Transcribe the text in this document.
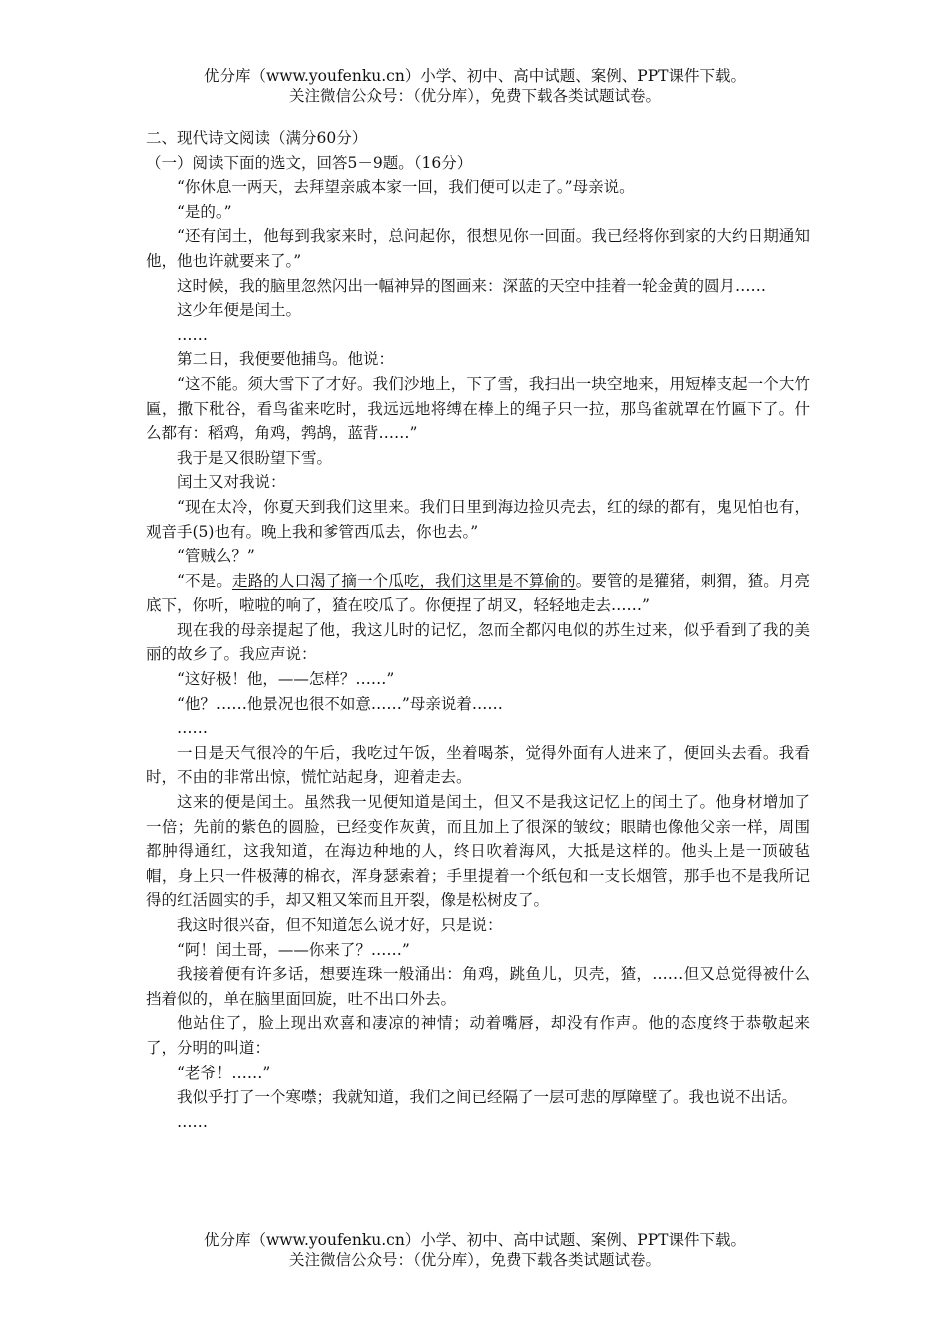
优分库（www.youfenku.cn）小学、初中、高中试题、案例、PPT课件下载。
关注微信公众号：（优分库），免费下载各类试题试卷。

二、现代诗文阅读（满分60分）

（一）阅读下面的选文，回答5－9题。（16分）

“你休息一两天，去拜望亲戚本家一回，我们便可以走了。”母亲说。

“是的。”

“还有闰土，他每到我家来时，总问起你，很想见你一回面。我已经将你到家的大约日期通知他，他也许就要来了。”

这时候，我的脑里忽然闪出一幅神异的图画来：深蓝的天空中挂着一轮金黄的圆月……

这少年便是闰土。

……

第二日，我便要他捕鸟。他说：

“这不能。须大雪下了才好。我们沙地上，下了雪，我扫出一块空地来，用短棒支起一个大竹匾，撒下秕谷，看鸟雀来吃时，我远远地将缚在棒上的绳子只一拉，那鸟雀就罩在竹匾下了。什么都有：稻鸡，角鸡，鹁鸪，蓝背……”

我于是又很盼望下雪。

闰土又对我说：

“现在太冷，你夏天到我们这里来。我们日里到海边捡贝壳去，红的绿的都有，鬼见怕也有，观音手(5)也有。晚上我和爹管西瓜去，你也去。”

“管贼么？”

“不是。走路的人口渴了摘一个瓜吃，我们这里是不算偷的。要管的是獾猪，刺猬，猹。月亮底下，你听，啦啦的响了，猹在咬瓜了。你便捏了胡叉，轻轻地走去……”

现在我的母亲提起了他，我这儿时的记忆，忽而全都闪电似的苏生过来，似乎看到了我的美丽的故乡了。我应声说：

“这好极！他，——怎样？……”

“他？……他景况也很不如意……”母亲说着……

……

一日是天气很冷的午后，我吃过午饭，坐着喝茶，觉得外面有人进来了，便回头去看。我看时，不由的非常出惊，慌忙站起身，迎着走去。

这来的便是闰土。虽然我一见便知道是闰土，但又不是我这记忆上的闰土了。他身材增加了一倍；先前的紫色的圆脸，已经变作灰黄，而且加上了很深的皱纹；眼睛也像他父亲一样，周围都肿得通红，这我知道，在海边种地的人，终日吹着海风，大抵是这样的。他头上是一顶破毡帽，身上只一件极薄的棉衣，浑身瑟索着；手里提着一个纸包和一支长烟管，那手也不是我所记得的红活圆实的手，却又粗又笨而且开裂，像是松树皮了。

我这时很兴奋，但不知道怎么说才好，只是说：

“阿！闰土哥，——你来了？……”

我接着便有许多话，想要连珠一般涌出：角鸡，跳鱼儿，贝壳，猹，……但又总觉得被什么挡着似的，单在脑里面回旋，吐不出口外去。

他站住了，脸上现出欢喜和凄凉的神情；动着嘴唇，却没有作声。他的态度终于恭敬起来了，分明的叫道：

“老爷！……”

我似乎打了一个寒噤；我就知道，我们之间已经隔了一层可悲的厚障壁了。我也说不出话。

……

优分库（www.youfenku.cn）小学、初中、高中试题、案例、PPT课件下载。
关注微信公众号：（优分库），免费下载各类试题试卷。
